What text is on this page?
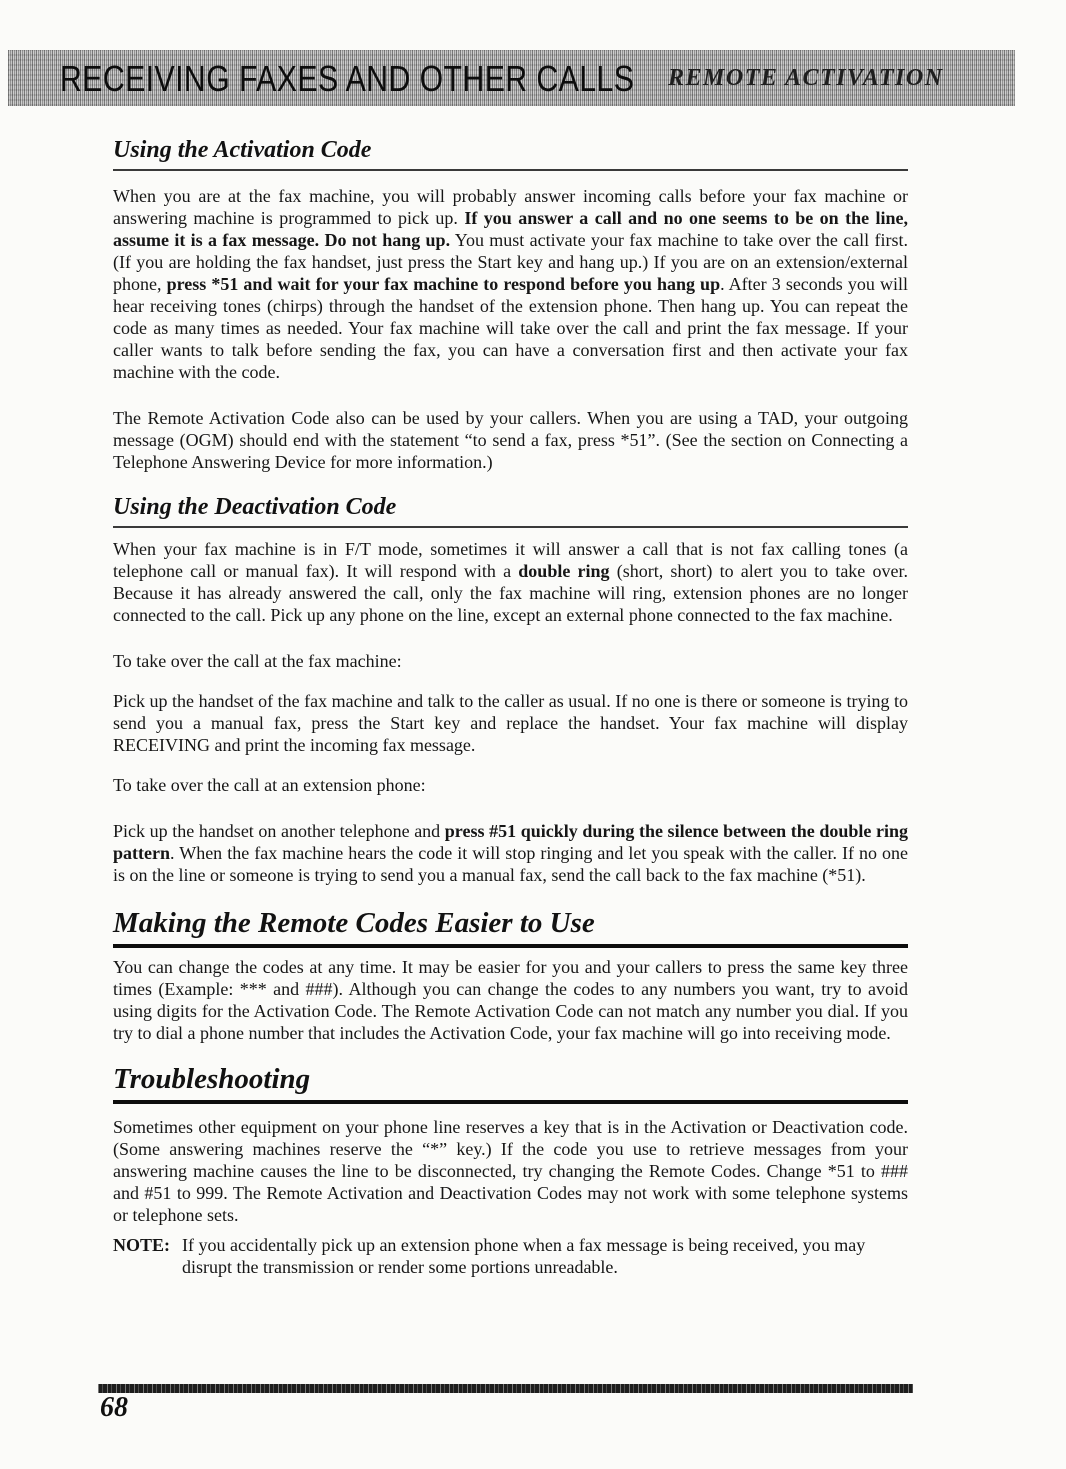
RECEIVING FAXES AND OTHER CALLS REMOTE ACTIVATION
Using the Activation Code

When you are at the fax machine, you will probably answer incoming calls before your fax machine or answering machine is programmed to pick up. If you answer a call and no one seems to be on the line, assume it is a fax message. Do not hang up. You must activate your fax machine to take over the call first. (If you are holding the fax handset, just press the Start key and hang up.) If you are on an extension/external phone, press *51 and wait for your fax machine to respond before you hang up. After 3 seconds you will hear receiving tones (chirps) through the handset of the extension phone. Then hang up. You can repeat the code as many times as needed. Your fax machine will take over the call and print the fax message. If your caller wants to talk before sending the fax, you can have a conversation first and then activate your fax machine with the code.

The Remote Activation Code also can be used by your callers. When you are using a TAD, your outgoing message (OGM) should end with the statement “to send a fax, press *51”. (See the section on Connecting a Telephone Answering Device for more information.)

Using the Deactivation Code

When your fax machine is in F/T mode, sometimes it will answer a call that is not fax calling tones (a telephone call or manual fax). It will respond with a double ring (short, short) to alert you to take over. Because it has already answered the call, only the fax machine will ring, extension phones are no longer connected to the call. Pick up any phone on the line, except an external phone connected to the fax machine.

To take over the call at the fax machine:

Pick up the handset of the fax machine and talk to the caller as usual. If no one is there or someone is trying to send you a manual fax, press the Start key and replace the handset. Your fax machine will display RECEIVING and print the incoming fax message.

To take over the call at an extension phone:

Pick up the handset on another telephone and press #51 quickly during the silence between the double ring pattern. When the fax machine hears the code it will stop ringing and let you speak with the caller. If no one is on the line or someone is trying to send you a manual fax, send the call back to the fax machine (*51).

Making the Remote Codes Easier to Use

You can change the codes at any time. It may be easier for you and your callers to press the same key three times (Example: *** and ###). Although you can change the codes to any numbers you want, try to avoid using digits for the Activation Code. The Remote Activation Code can not match any number you dial. If you try to dial a phone number that includes the Activation Code, your fax machine will go into receiving mode.

Troubleshooting

Sometimes other equipment on your phone line reserves a key that is in the Activation or Deactivation code. (Some answering machines reserve the “*” key.) If the code you use to retrieve messages from your answering machine causes the line to be disconnected, try changing the Remote Codes. Change *51 to ### and #51 to 999. The Remote Activation and Deactivation Codes may not work with some telephone systems or telephone sets.

NOTE: If you accidentally pick up an extension phone when a fax message is being received, you may disrupt the transmission or render some portions unreadable.
68
